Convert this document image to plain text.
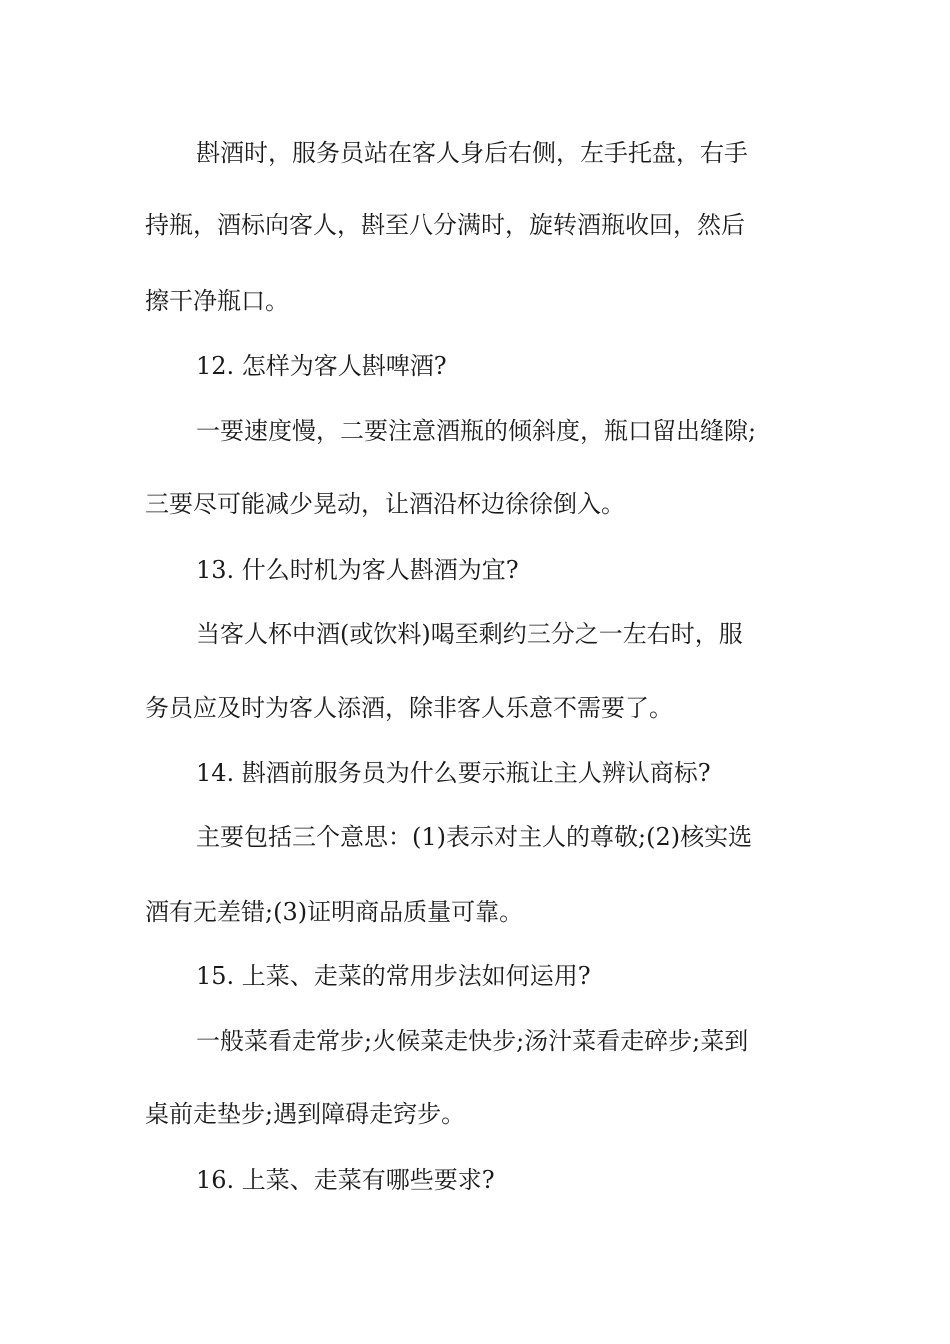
斟酒时，服务员站在客人身后右侧，左手托盘，右手
持瓶，酒标向客人，斟至八分满时，旋转酒瓶收回，然后
擦干净瓶口。
12. 怎样为客人斟啤酒?
一要速度慢，二要注意酒瓶的倾斜度，瓶口留出缝隙;
三要尽可能减少晃动，让酒沿杯边徐徐倒入。
13. 什么时机为客人斟酒为宜?
当客人杯中酒(或饮料)喝至剩约三分之一左右时，服
务员应及时为客人添酒，除非客人乐意不需要了。
14. 斟酒前服务员为什么要示瓶让主人辨认商标?
主要包括三个意思：(1)表示对主人的尊敬;(2)核实选
酒有无差错;(3)证明商品质量可靠。
15. 上菜、走菜的常用步法如何运用?
一般菜看走常步;火候菜走快步;汤汁菜看走碎步;菜到
桌前走垫步;遇到障碍走窍步。
16. 上菜、走菜有哪些要求?
